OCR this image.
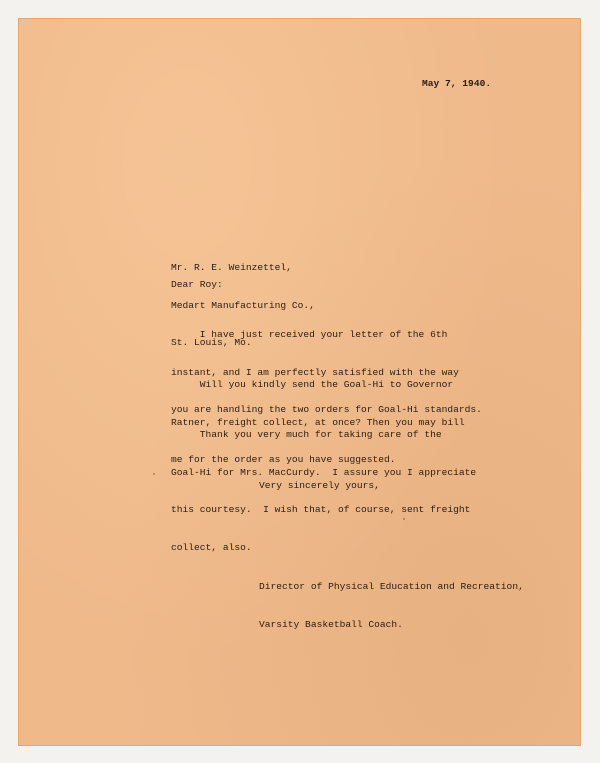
May 7, 1940.

Mr. R. E. Weinzettel,

Medart Manufacturing Co.,

St. Louis, Mo.

Dear Roy:

I have just received your letter of the 6th

instant, and I am perfectly satisfied with the way

you are handling the two orders for Goal-Hi standards.

Will you kindly send the Goal-Hi to Governor

Ratner, freight collect, at once? Then you may bill

me for the order as you have suggested.

Thank you very much for taking care of the

Goal-Hi for Mrs. MacCurdy.  I assure you I appreciate

this courtesy.  I wish that, of course, sent freight

collect, also.

Very sincerely yours,

Director of Physical Education and Recreation,

Varsity Basketball Coach.
